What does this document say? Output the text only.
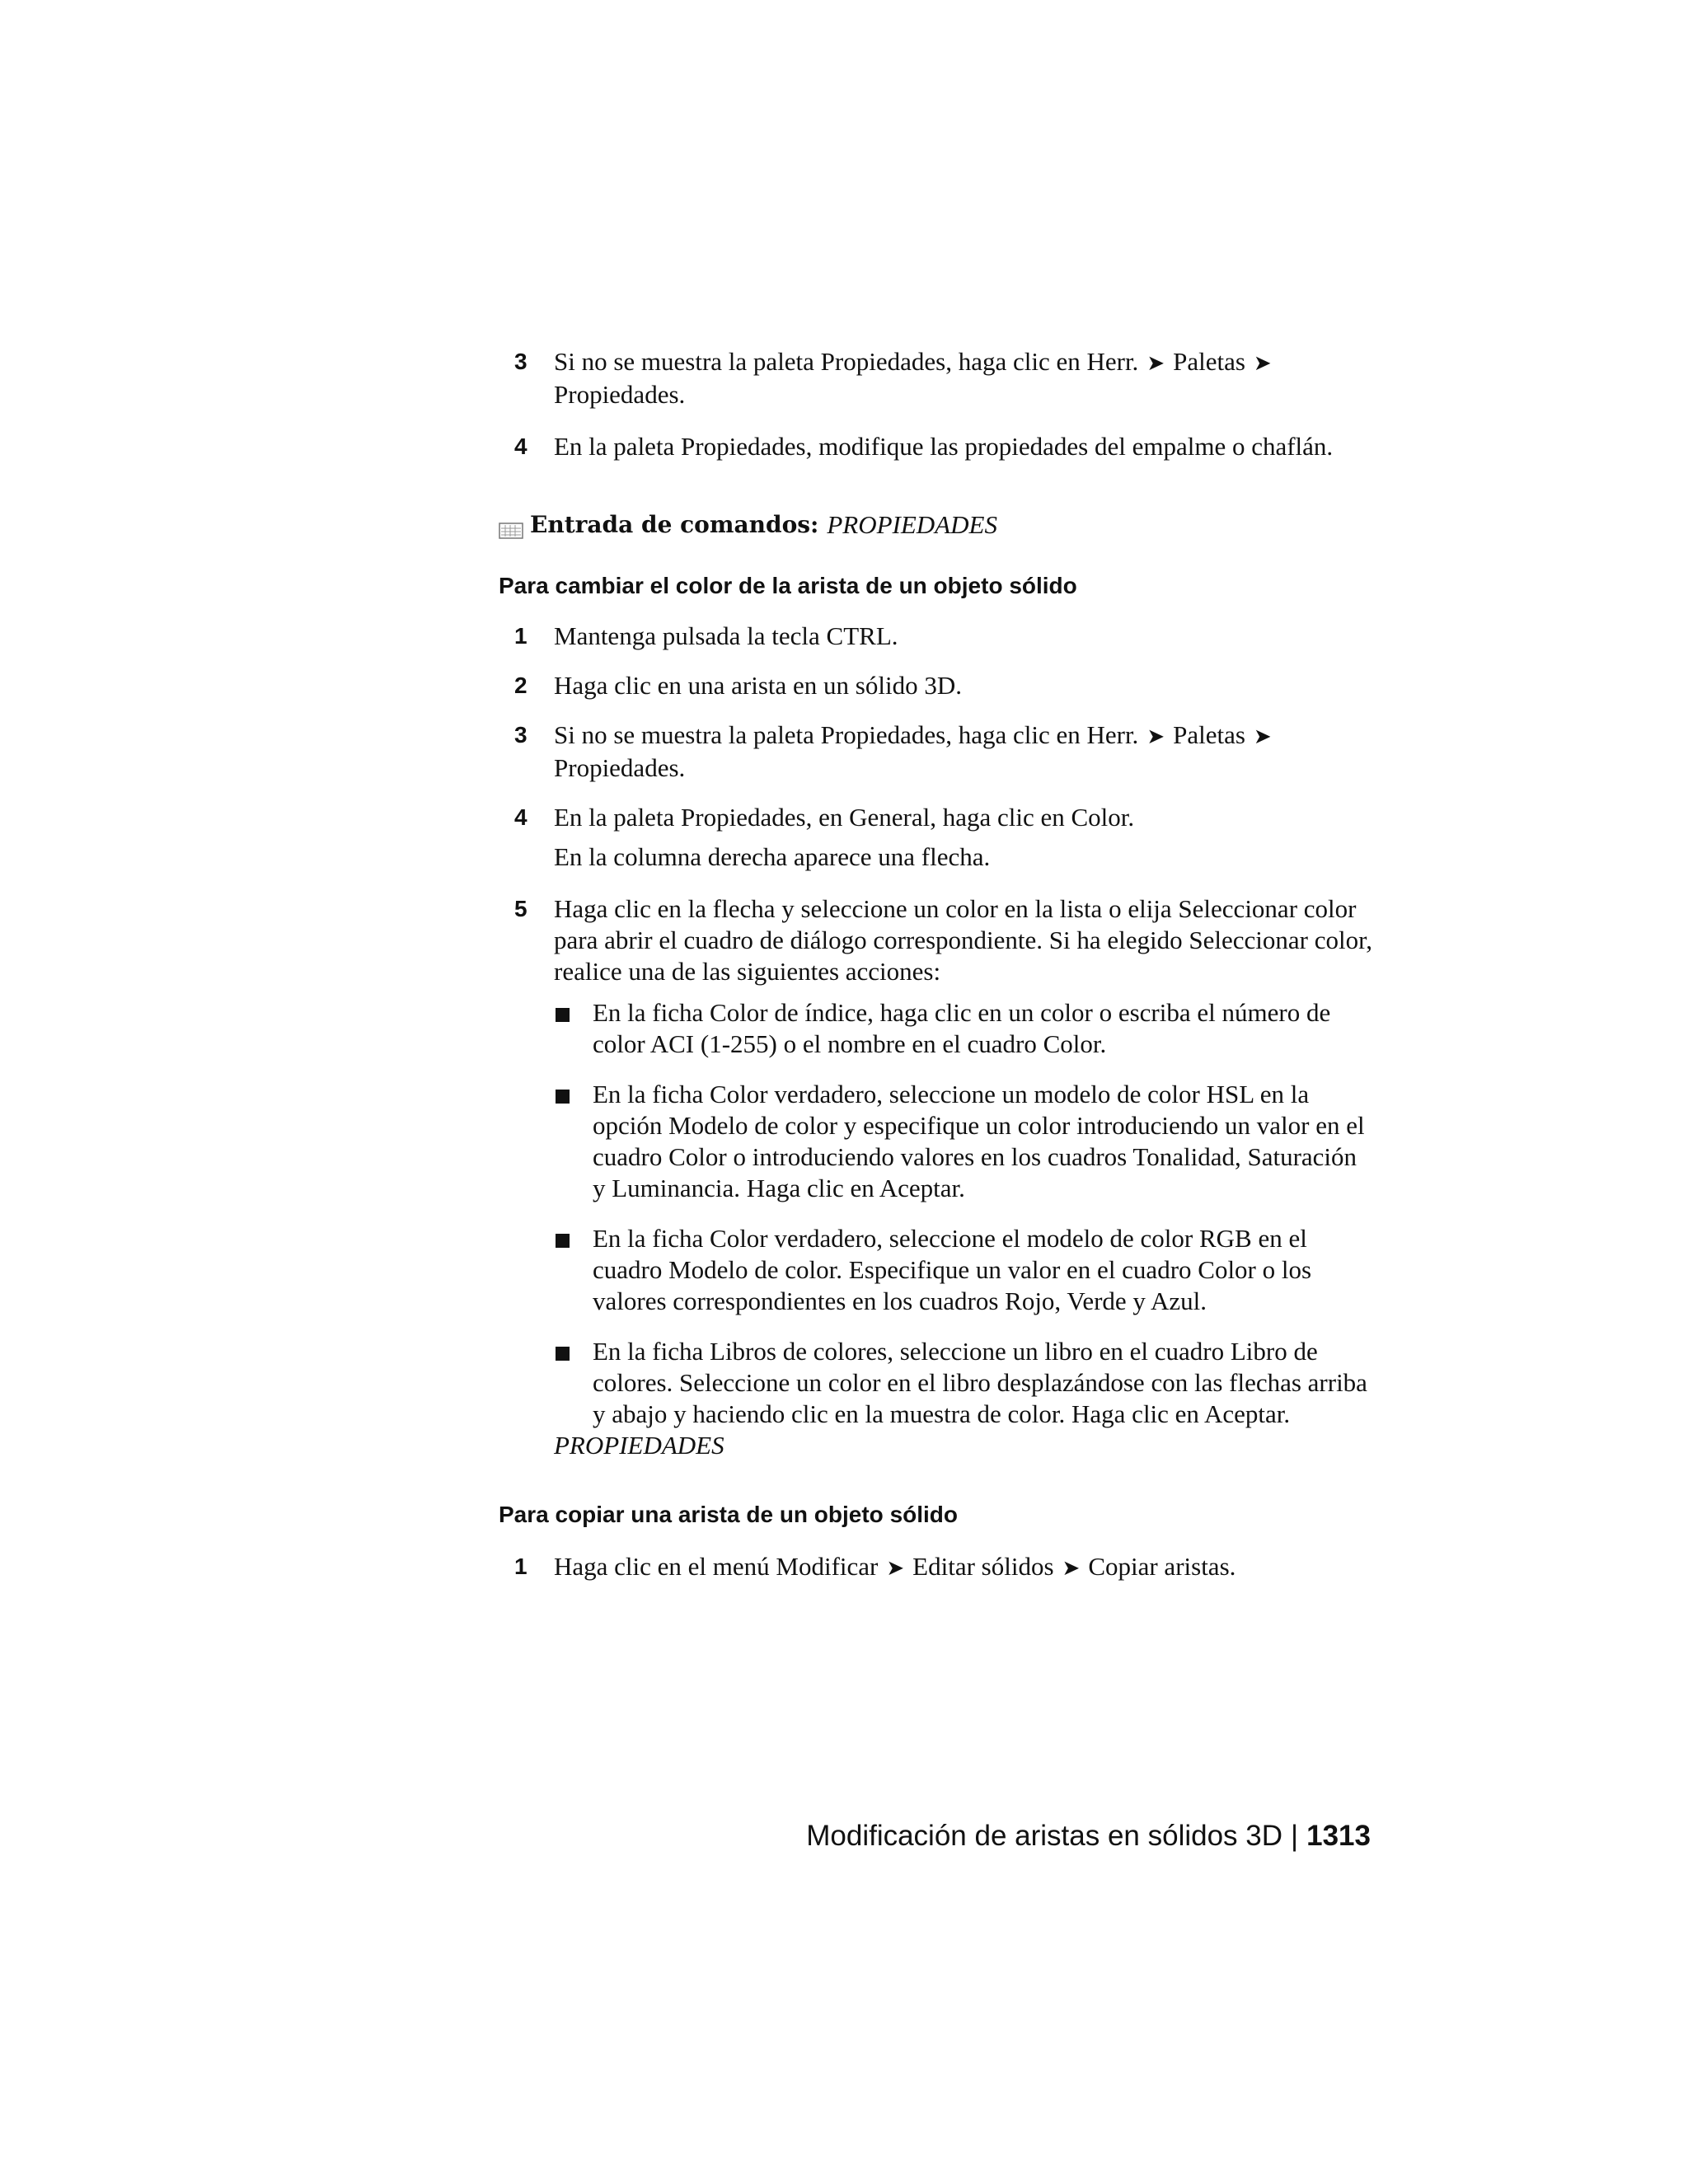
3 Si no se muestra la paleta Propiedades, haga clic en Herr. ➤ Paletas ➤
Propiedades.

4 En la paleta Propiedades, modifique las propiedades del empalme o chaflán.

Entrada de comandos: PROPIEDADES
Para cambiar el color de la arista de un objeto sólido
1 Mantenga pulsada la tecla CTRL.

2 Haga clic en una arista en un sólido 3D.

3 Si no se muestra la paleta Propiedades, haga clic en Herr. ➤ Paletas ➤
Propiedades.

4 En la paleta Propiedades, en General, haga clic en Color.

En la columna derecha aparece una flecha.

5 Haga clic en la flecha y seleccione un color en la lista o elija Seleccionar color para abrir el cuadro de diálogo correspondiente. Si ha elegido Seleccionar color, realice una de las siguientes acciones:

En la ficha Color de índice, haga clic en un color o escriba el número de color ACI (1-255) o el nombre en el cuadro Color.
En la ficha Color verdadero, seleccione un modelo de color HSL en la opción Modelo de color y especifique un color introduciendo un valor en el cuadro Color o introduciendo valores en los cuadros Tonalidad, Saturación y Luminancia. Haga clic en Aceptar.
En la ficha Color verdadero, seleccione el modelo de color RGB en el cuadro Modelo de color. Especifique un valor en el cuadro Color o los valores correspondientes en los cuadros Rojo, Verde y Azul.
En la ficha Libros de colores, seleccione un libro en el cuadro Libro de colores. Seleccione un color en el libro desplazándose con las flechas arriba y abajo y haciendo clic en la muestra de color. Haga clic en Aceptar.

PROPIEDADES

Para copiar una arista de un objeto sólido
1 Haga clic en el menú Modificar ➤ Editar sólidos ➤ Copiar aristas.

Modificación de aristas en sólidos 3D | 1313
